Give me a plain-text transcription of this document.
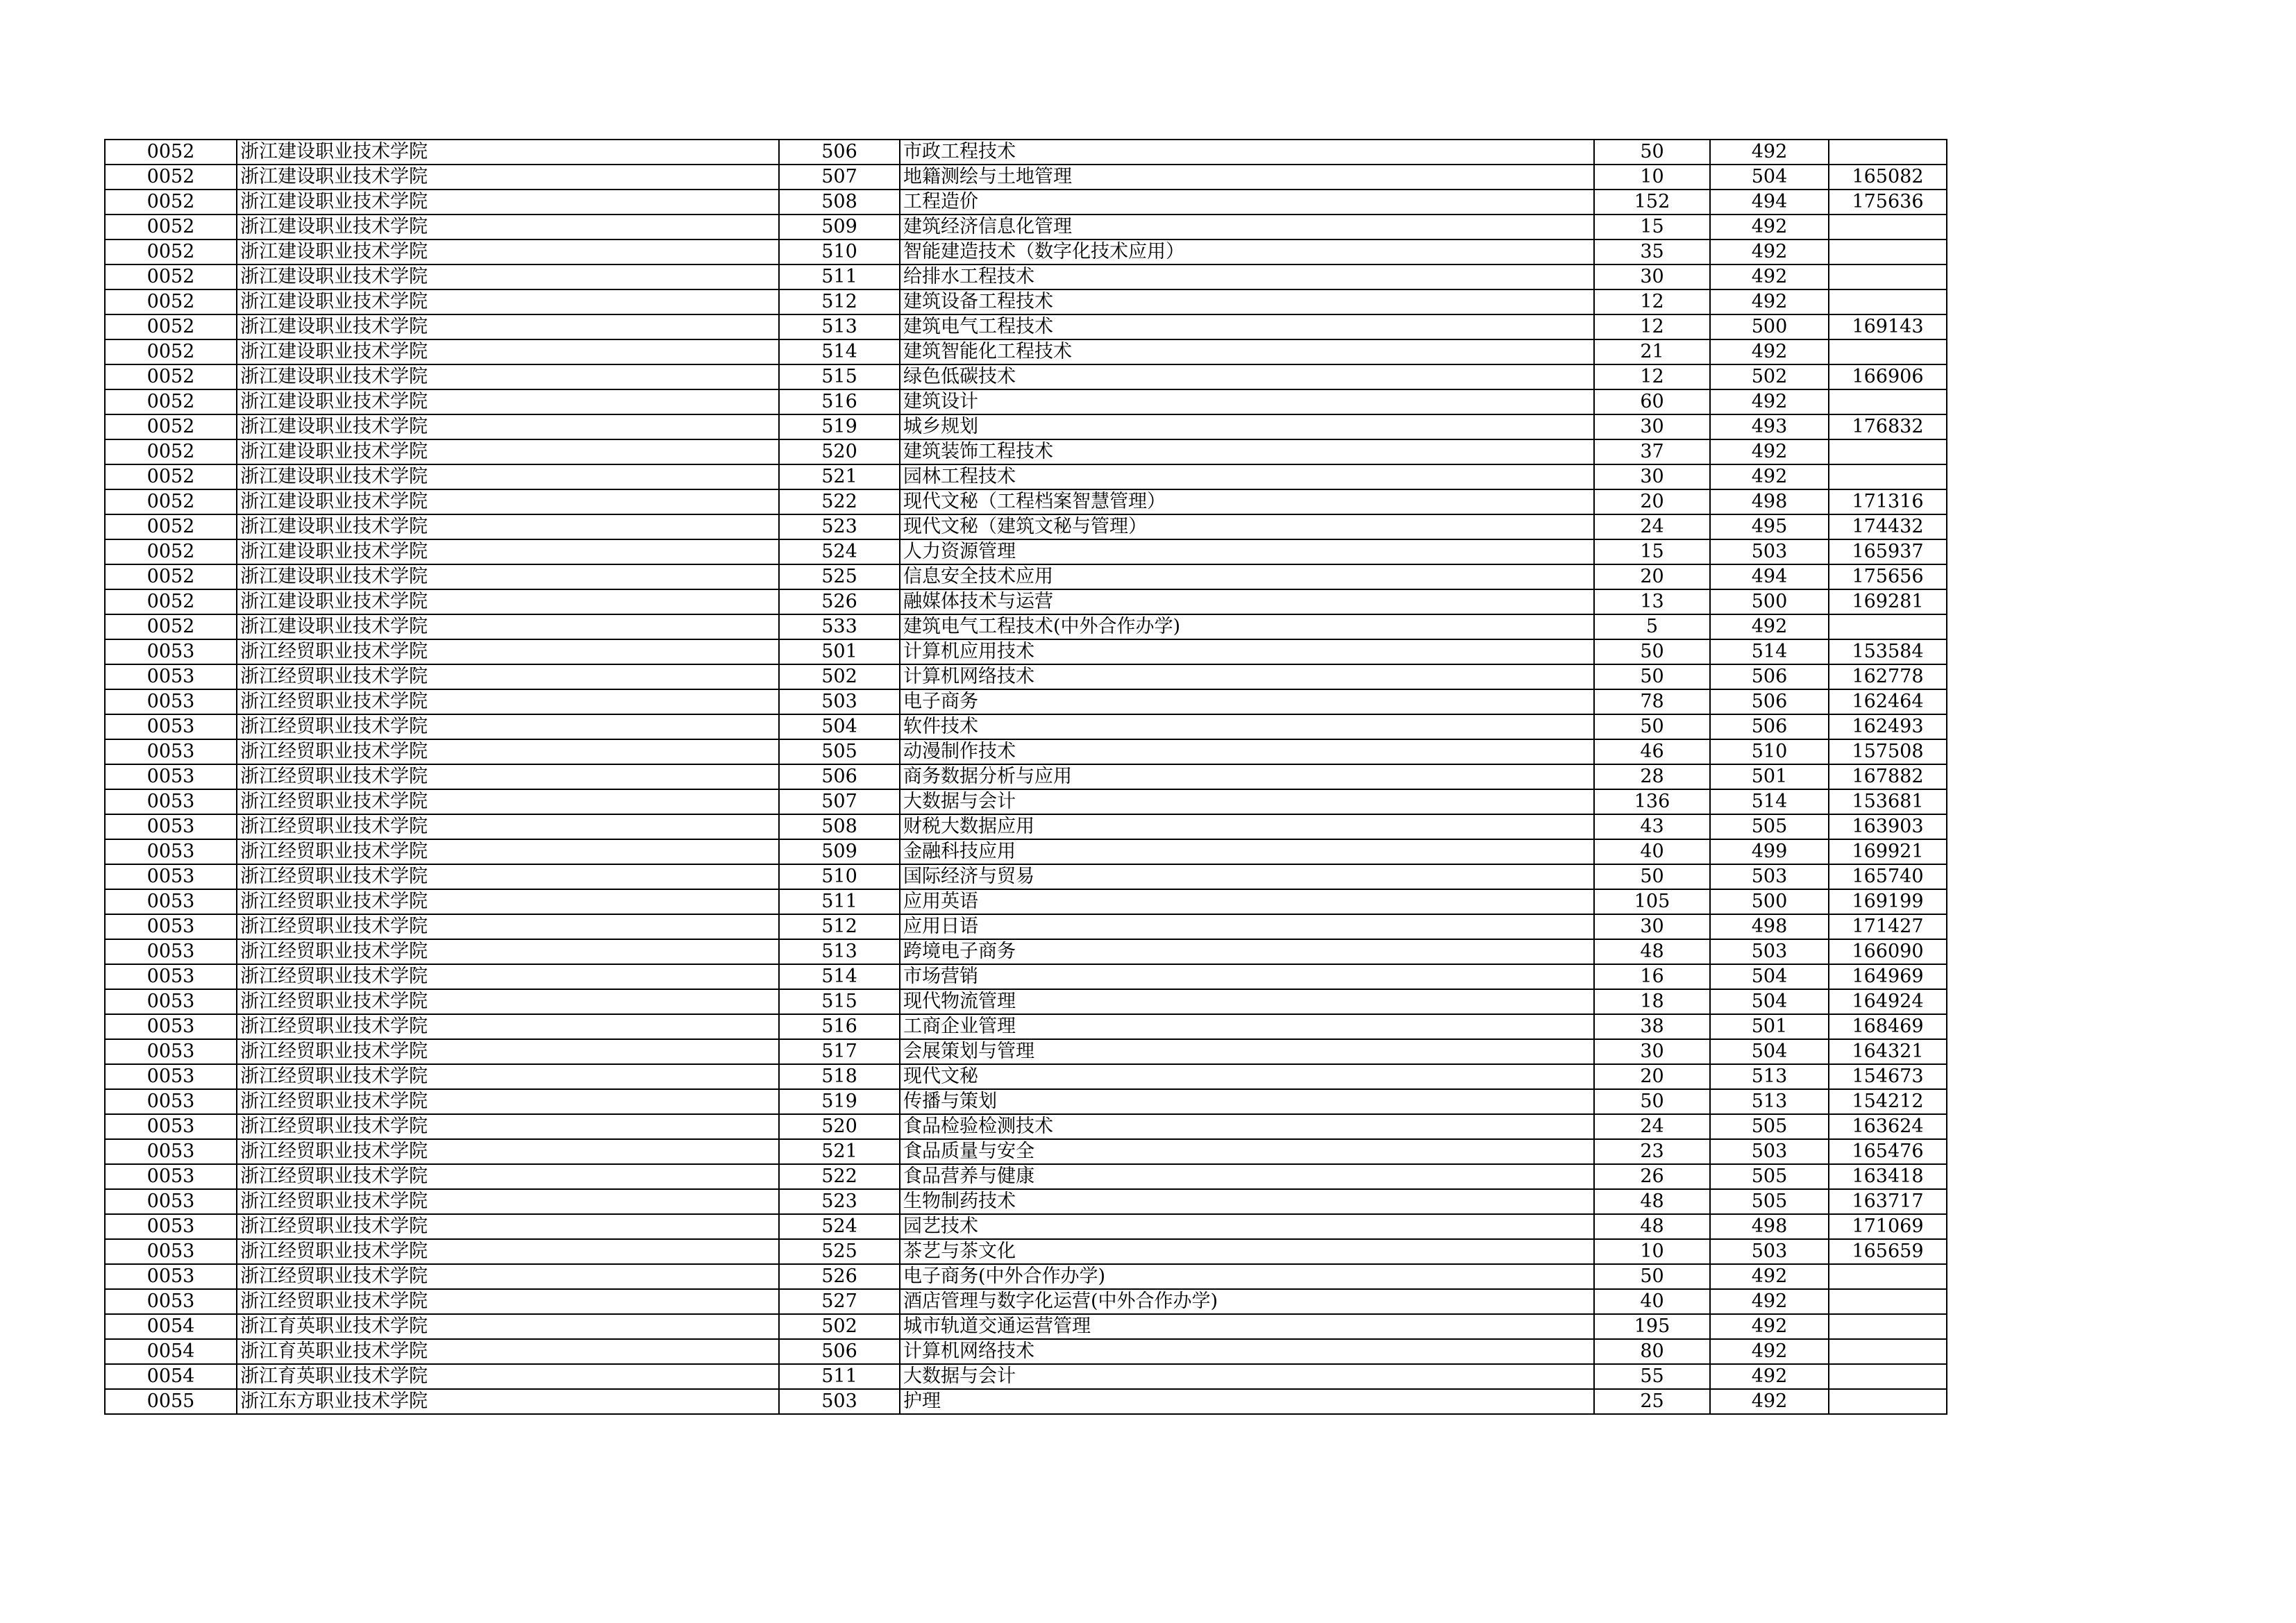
0052	浙江建设职业技术学院	506	市政工程技术	50	492	
0052	浙江建设职业技术学院	507	地籍测绘与土地管理	10	504	165082
0052	浙江建设职业技术学院	508	工程造价	152	494	175636
0052	浙江建设职业技术学院	509	建筑经济信息化管理	15	492	
0052	浙江建设职业技术学院	510	智能建造技术（数字化技术应用）	35	492	
0052	浙江建设职业技术学院	511	给排水工程技术	30	492	
0052	浙江建设职业技术学院	512	建筑设备工程技术	12	492	
0052	浙江建设职业技术学院	513	建筑电气工程技术	12	500	169143
0052	浙江建设职业技术学院	514	建筑智能化工程技术	21	492	
0052	浙江建设职业技术学院	515	绿色低碳技术	12	502	166906
0052	浙江建设职业技术学院	516	建筑设计	60	492	
0052	浙江建设职业技术学院	519	城乡规划	30	493	176832
0052	浙江建设职业技术学院	520	建筑装饰工程技术	37	492	
0052	浙江建设职业技术学院	521	园林工程技术	30	492	
0052	浙江建设职业技术学院	522	现代文秘（工程档案智慧管理）	20	498	171316
0052	浙江建设职业技术学院	523	现代文秘（建筑文秘与管理）	24	495	174432
0052	浙江建设职业技术学院	524	人力资源管理	15	503	165937
0052	浙江建设职业技术学院	525	信息安全技术应用	20	494	175656
0052	浙江建设职业技术学院	526	融媒体技术与运营	13	500	169281
0052	浙江建设职业技术学院	533	建筑电气工程技术(中外合作办学)	5	492	
0053	浙江经贸职业技术学院	501	计算机应用技术	50	514	153584
0053	浙江经贸职业技术学院	502	计算机网络技术	50	506	162778
0053	浙江经贸职业技术学院	503	电子商务	78	506	162464
0053	浙江经贸职业技术学院	504	软件技术	50	506	162493
0053	浙江经贸职业技术学院	505	动漫制作技术	46	510	157508
0053	浙江经贸职业技术学院	506	商务数据分析与应用	28	501	167882
0053	浙江经贸职业技术学院	507	大数据与会计	136	514	153681
0053	浙江经贸职业技术学院	508	财税大数据应用	43	505	163903
0053	浙江经贸职业技术学院	509	金融科技应用	40	499	169921
0053	浙江经贸职业技术学院	510	国际经济与贸易	50	503	165740
0053	浙江经贸职业技术学院	511	应用英语	105	500	169199
0053	浙江经贸职业技术学院	512	应用日语	30	498	171427
0053	浙江经贸职业技术学院	513	跨境电子商务	48	503	166090
0053	浙江经贸职业技术学院	514	市场营销	16	504	164969
0053	浙江经贸职业技术学院	515	现代物流管理	18	504	164924
0053	浙江经贸职业技术学院	516	工商企业管理	38	501	168469
0053	浙江经贸职业技术学院	517	会展策划与管理	30	504	164321
0053	浙江经贸职业技术学院	518	现代文秘	20	513	154673
0053	浙江经贸职业技术学院	519	传播与策划	50	513	154212
0053	浙江经贸职业技术学院	520	食品检验检测技术	24	505	163624
0053	浙江经贸职业技术学院	521	食品质量与安全	23	503	165476
0053	浙江经贸职业技术学院	522	食品营养与健康	26	505	163418
0053	浙江经贸职业技术学院	523	生物制药技术	48	505	163717
0053	浙江经贸职业技术学院	524	园艺技术	48	498	171069
0053	浙江经贸职业技术学院	525	茶艺与茶文化	10	503	165659
0053	浙江经贸职业技术学院	526	电子商务(中外合作办学)	50	492	
0053	浙江经贸职业技术学院	527	酒店管理与数字化运营(中外合作办学)	40	492	
0054	浙江育英职业技术学院	502	城市轨道交通运营管理	195	492	
0054	浙江育英职业技术学院	506	计算机网络技术	80	492	
0054	浙江育英职业技术学院	511	大数据与会计	55	492	
0055	浙江东方职业技术学院	503	护理	25	492	
